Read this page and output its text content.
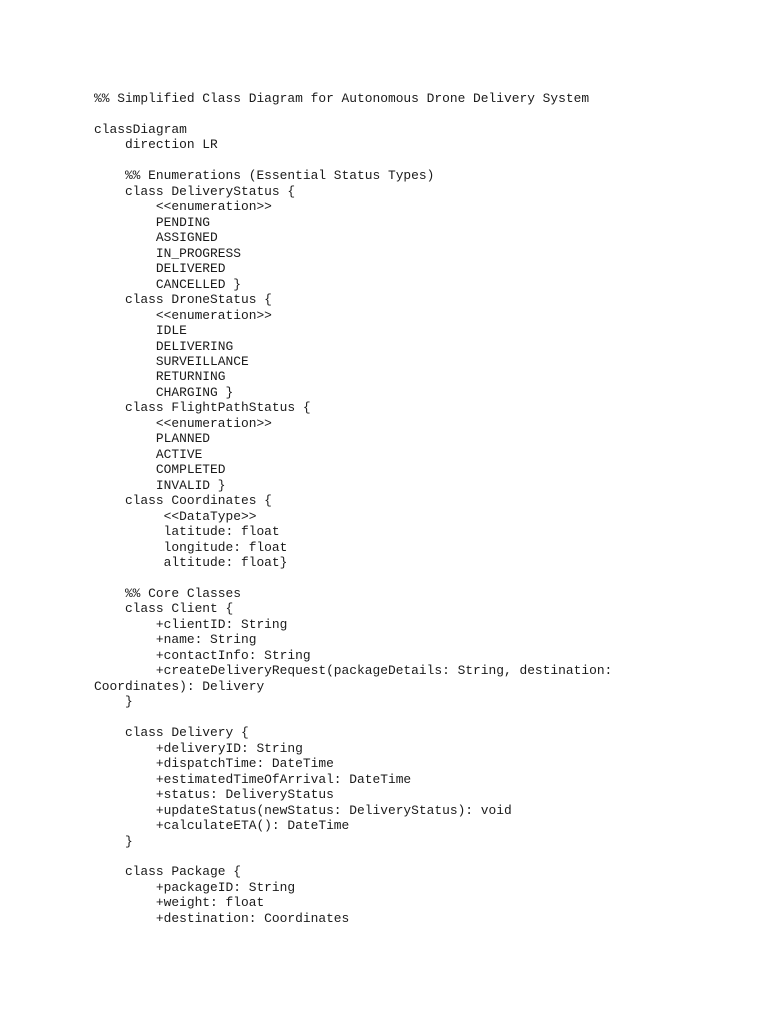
%% Simplified Class Diagram for Autonomous Drone Delivery System
classDiagram
direction LR
%% Enumerations (Essential Status Types)
class DeliveryStatus {
<<enumeration>>
PENDING
ASSIGNED
IN_PROGRESS
DELIVERED
CANCELLED }
class DroneStatus {
<<enumeration>>
IDLE
DELIVERING
SURVEILLANCE
RETURNING
CHARGING }
class FlightPathStatus {
<<enumeration>>
PLANNED
ACTIVE
COMPLETED
INVALID }
class Coordinates {
<<DataType>>
latitude: float
longitude: float
altitude: float}
%% Core Classes
class Client {
+clientID: String
+name: String
+contactInfo: String
+createDeliveryRequest(packageDetails: String, destination:
Coordinates): Delivery
}
class Delivery {
+deliveryID: String
+dispatchTime: DateTime
+estimatedTimeOfArrival: DateTime
+status: DeliveryStatus
+updateStatus(newStatus: DeliveryStatus): void
+calculateETA(): DateTime
}
class Package {
+packageID: String
+weight: float
+destination: Coordinates
